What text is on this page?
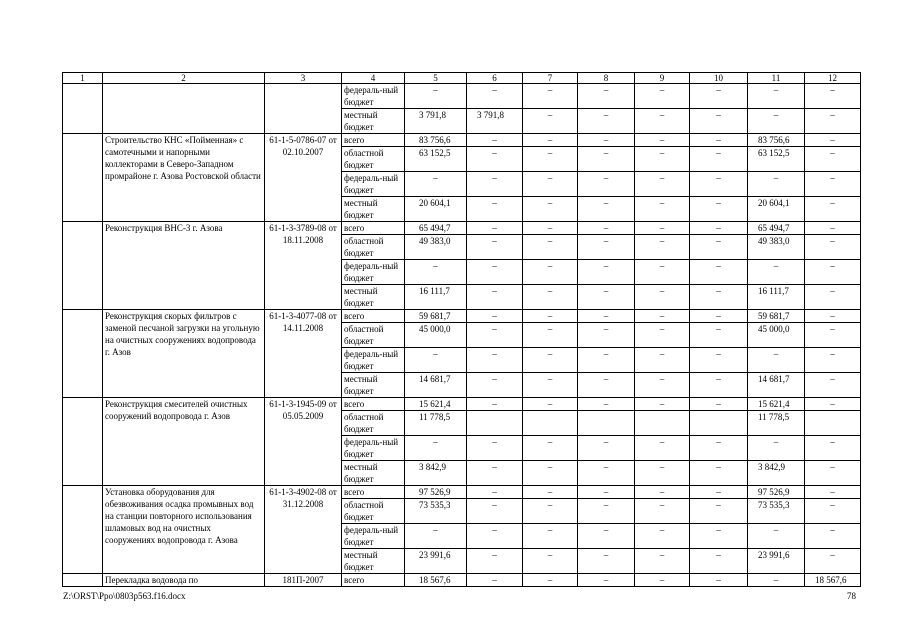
1	2	3	4	5	6	7	8	9	10	11	12

			федераль-ный бюджет	–	–	–	–	–	–	–	–

			местный бюджет	3 791,8	3 791,8	–	–	–	–	–	–
	Строительство КНС «Пойменная» с самотечными и напорными коллекторами в Северо-Западном промрайоне г. Азова Ростовской области	61-1-5-0786-07 от 02.10.2007	всего	83 756,6	–	–	–	–	–	83 756,6	–

			областной бюджет	63 152,5	–	–	–	–	–	63 152,5	–

			федераль-ный бюджет	–	–	–	–	–	–	–	–

			местный бюджет	20 604,1	–	–	–	–	–	20 604,1	–
	Реконструкция ВНС-3 г. Азова	61-1-3-3789-08 от 18.11.2008	всего	65 494,7	–	–	–	–	–	65 494,7	–

			областной бюджет	49 383,0	–	–	–	–	–	49 383,0	–

			федераль-ный бюджет	–	–	–	–	–	–	–	–

			местный бюджет	16 111,7	–	–	–	–	–	16 111,7	–
	Реконструкция скорых фильтров с заменой песчаной загрузки на угольную на очистных сооружениях водопровода г. Азов	61-1-3-4077-08 от 14.11.2008	всего	59 681,7	–	–	–	–	–	59 681,7	–

			областной бюджет	45 000,0	–	–	–	–	–	45 000,0	–

			федераль-ный бюджет	–	–	–	–	–	–	–	–

			местный бюджет	14 681,7	–	–	–	–	–	14 681,7	–
	Реконструкция смесителей очистных сооружений водопровода г. Азов	61-1-3-1945-09 от 05.05.2009	всего	15 621,4	–	–	–	–	–	15 621,4	–

			областной бюджет	11 778,5						11 778,5	

			федераль-ный бюджет	–	–	–	–	–	–	–	–

			местный бюджет	3 842,9	–	–	–	–	–	3 842,9	–
	Установка оборудования для обезвоживания осадка промывных вод на станции повторного использования шламовых вод на очистных сооружениях водопровода г. Азова	61-1-3-4902-08 от 31.12.2008	всего	97 526,9	–	–	–	–	–	97 526,9	–

			областной бюджет	73 535,3	–	–	–	–	–	73 535,3	–

			федераль-ный бюджет	–	–	–	–	–	–	–	–

			местный бюджет	23 991,6	–	–	–	–	–	23 991,6	–
	Перекладка водовода по	181П-2007	всего	18 567,6	–	–	–	–	–	–	18 567,6
Z:\ORST\Ppo\0803p563.f16.docx	78
